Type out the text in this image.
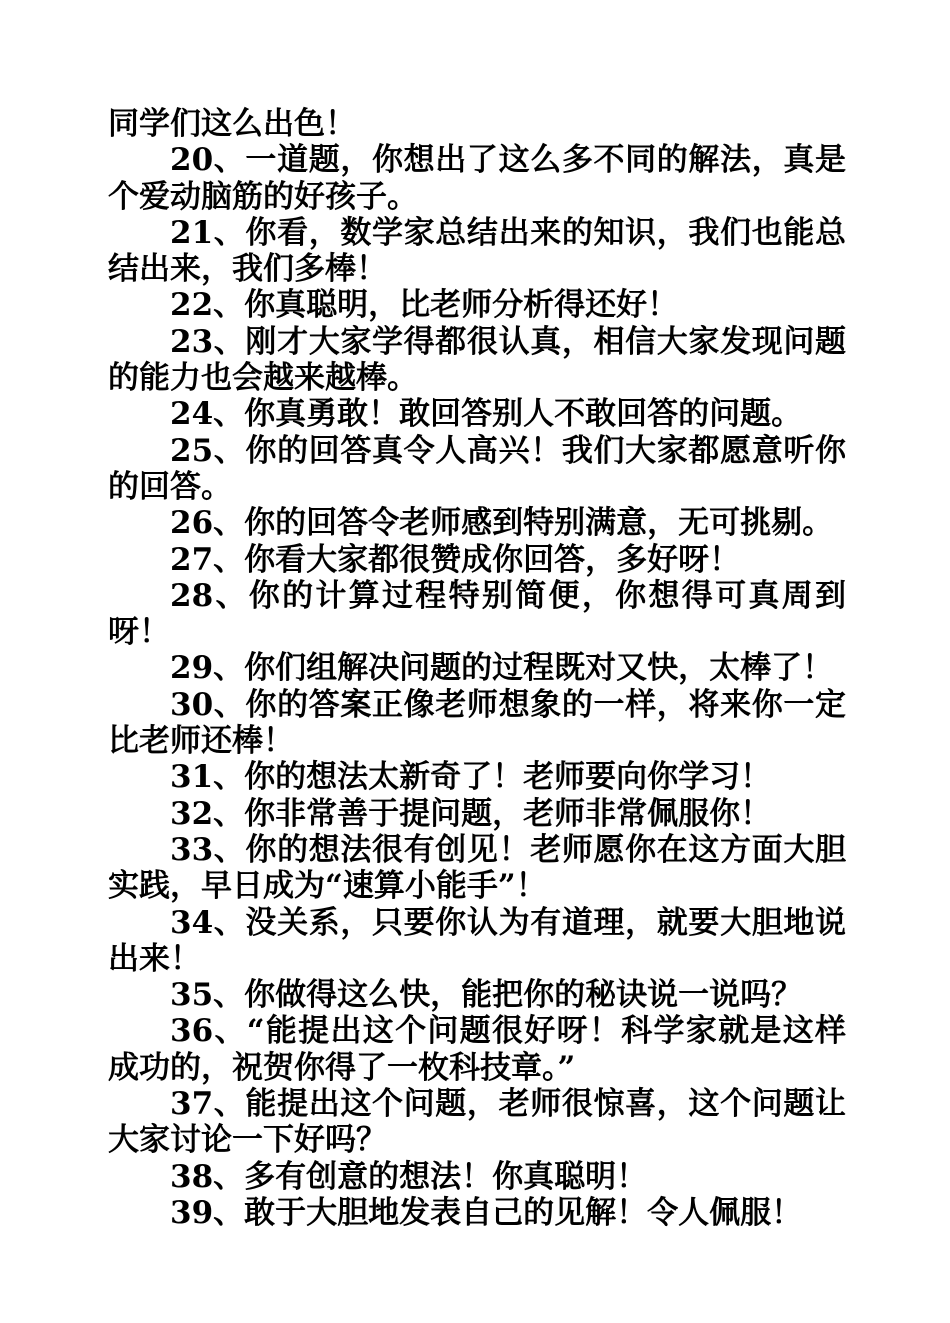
同学们这么出色！

20、一道题，你想出了这么多不同的解法，真是个爱动脑筋的好孩子。

21、你看，数学家总结出来的知识，我们也能总结出来，我们多棒！

22、你真聪明，比老师分析得还好！

23、刚才大家学得都很认真，相信大家发现问题的能力也会越来越棒。

24、你真勇敢！敢回答别人不敢回答的问题。

25、你的回答真令人高兴！我们大家都愿意听你的回答。

26、你的回答令老师感到特别满意，无可挑剔。

27、你看大家都很赞成你回答，多好呀！

28、你的计算过程特别简便，你想得可真周到呀！

29、你们组解决问题的过程既对又快，太棒了！

30、你的答案正像老师想象的一样，将来你一定比老师还棒！

31、你的想法太新奇了！老师要向你学习！

32、你非常善于提问题，老师非常佩服你！

33、你的想法很有创见！老师愿你在这方面大胆实践，早日成为“速算小能手”！

34、没关系，只要你认为有道理，就要大胆地说出来！

35、你做得这么快，能把你的秘诀说一说吗？

36、“能提出这个问题很好呀！科学家就是这样成功的，祝贺你得了一枚科技章。”

37、能提出这个问题，老师很惊喜，这个问题让大家讨论一下好吗？

38、多有创意的想法！你真聪明！

39、敢于大胆地发表自己的见解！令人佩服！
